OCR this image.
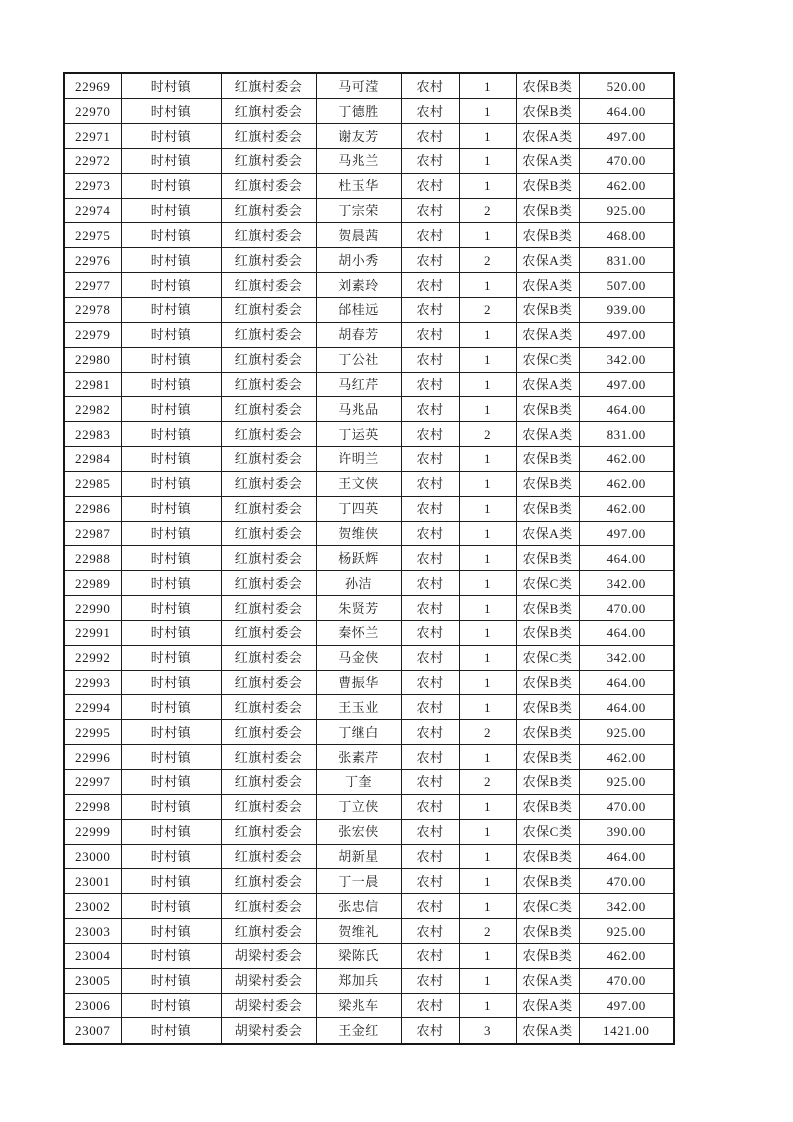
22969	时村镇	红旗村委会	马可滢	农村	1	农保B类	520.00
22970	时村镇	红旗村委会	丁德胜	农村	1	农保B类	464.00
22971	时村镇	红旗村委会	谢友芳	农村	1	农保A类	497.00
22972	时村镇	红旗村委会	马兆兰	农村	1	农保A类	470.00
22973	时村镇	红旗村委会	杜玉华	农村	1	农保B类	462.00
22974	时村镇	红旗村委会	丁宗荣	农村	2	农保B类	925.00
22975	时村镇	红旗村委会	贺晨茜	农村	1	农保B类	468.00
22976	时村镇	红旗村委会	胡小秀	农村	2	农保A类	831.00
22977	时村镇	红旗村委会	刘素玲	农村	1	农保A类	507.00
22978	时村镇	红旗村委会	邰桂远	农村	2	农保B类	939.00
22979	时村镇	红旗村委会	胡春芳	农村	1	农保A类	497.00
22980	时村镇	红旗村委会	丁公社	农村	1	农保C类	342.00
22981	时村镇	红旗村委会	马红芹	农村	1	农保A类	497.00
22982	时村镇	红旗村委会	马兆品	农村	1	农保B类	464.00
22983	时村镇	红旗村委会	丁运英	农村	2	农保A类	831.00
22984	时村镇	红旗村委会	许明兰	农村	1	农保B类	462.00
22985	时村镇	红旗村委会	王文侠	农村	1	农保B类	462.00
22986	时村镇	红旗村委会	丁四英	农村	1	农保B类	462.00
22987	时村镇	红旗村委会	贺维侠	农村	1	农保A类	497.00
22988	时村镇	红旗村委会	杨跃辉	农村	1	农保B类	464.00
22989	时村镇	红旗村委会	孙洁	农村	1	农保C类	342.00
22990	时村镇	红旗村委会	朱贤芳	农村	1	农保B类	470.00
22991	时村镇	红旗村委会	秦怀兰	农村	1	农保B类	464.00
22992	时村镇	红旗村委会	马金侠	农村	1	农保C类	342.00
22993	时村镇	红旗村委会	曹振华	农村	1	农保B类	464.00
22994	时村镇	红旗村委会	王玉业	农村	1	农保B类	464.00
22995	时村镇	红旗村委会	丁继白	农村	2	农保B类	925.00
22996	时村镇	红旗村委会	张素芹	农村	1	农保B类	462.00
22997	时村镇	红旗村委会	丁奎	农村	2	农保B类	925.00
22998	时村镇	红旗村委会	丁立侠	农村	1	农保B类	470.00
22999	时村镇	红旗村委会	张宏侠	农村	1	农保C类	390.00
23000	时村镇	红旗村委会	胡新星	农村	1	农保B类	464.00
23001	时村镇	红旗村委会	丁一晨	农村	1	农保B类	470.00
23002	时村镇	红旗村委会	张忠信	农村	1	农保C类	342.00
23003	时村镇	红旗村委会	贺维礼	农村	2	农保B类	925.00
23004	时村镇	胡梁村委会	梁陈氏	农村	1	农保B类	462.00
23005	时村镇	胡梁村委会	郑加兵	农村	1	农保A类	470.00
23006	时村镇	胡梁村委会	梁兆车	农村	1	农保A类	497.00
23007	时村镇	胡梁村委会	王金红	农村	3	农保A类	1421.00
